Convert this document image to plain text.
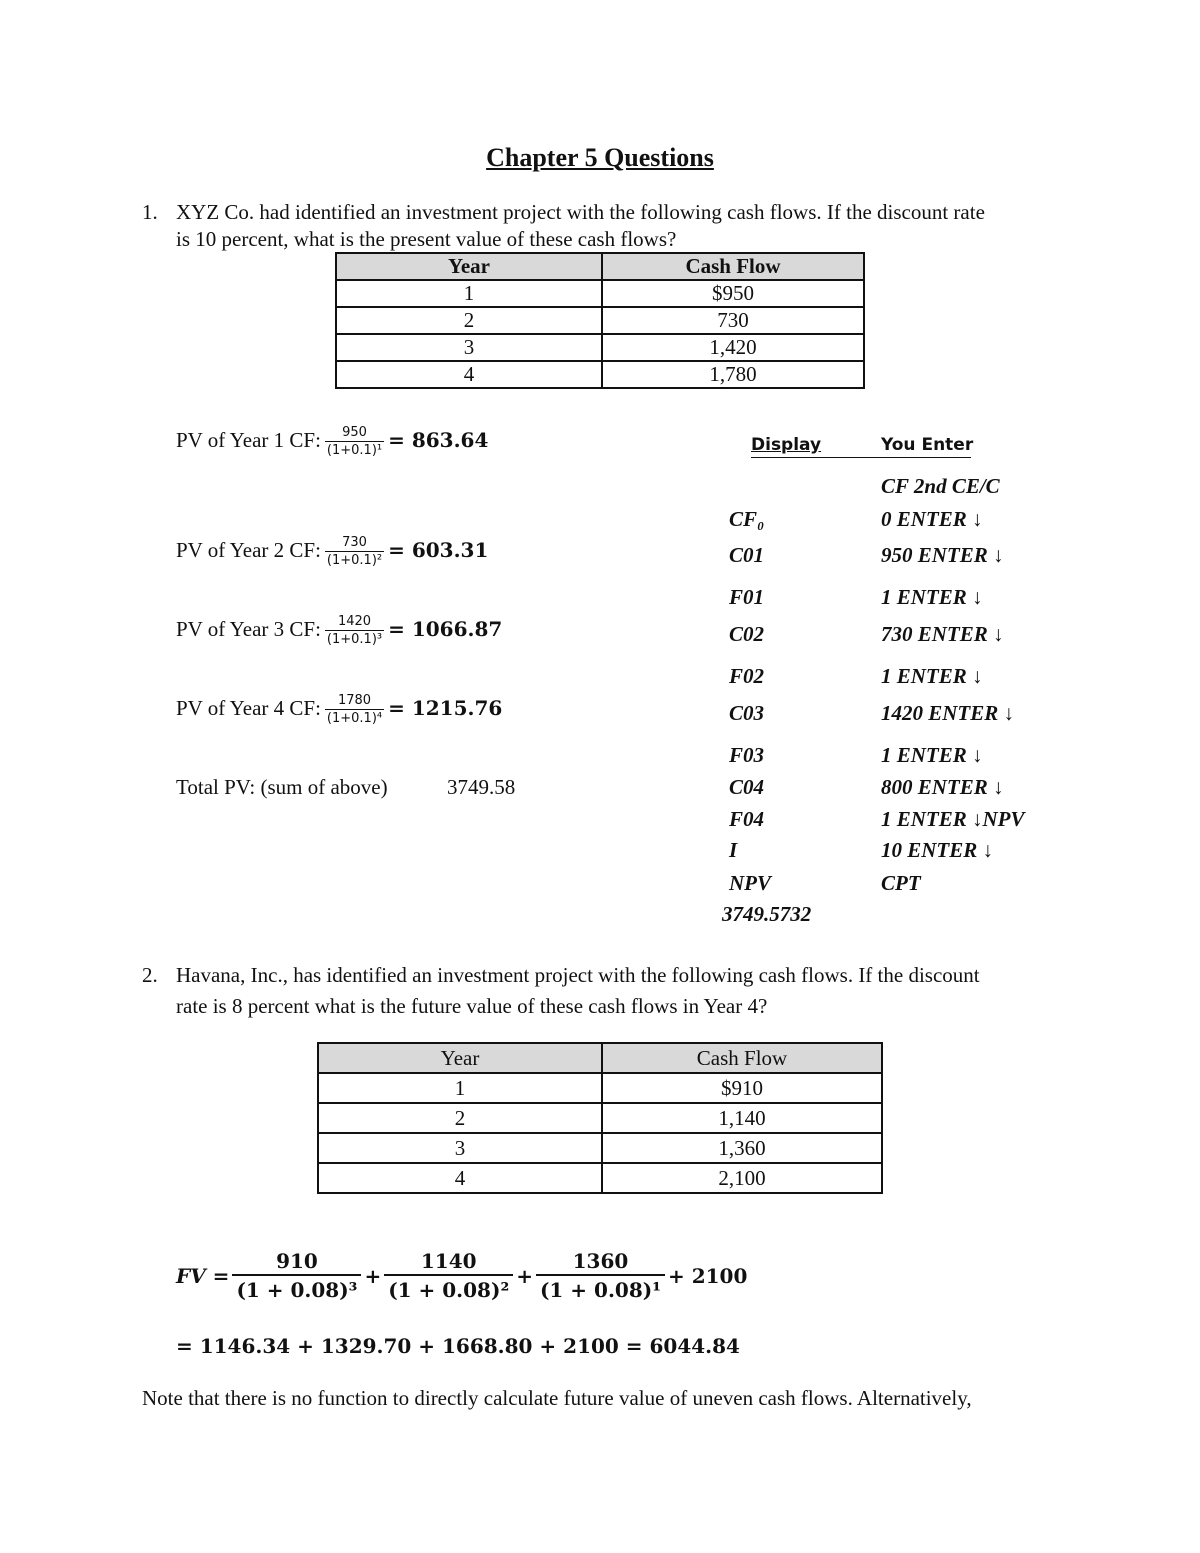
Chapter 5 Questions
1. XYZ Co. had identified an investment project with the following cash flows. If the discount rate
is 10 percent, what is the present value of these cash flows?
Year	Cash Flow
1	$950
2	730
3	1,420
4	1,780
PV of Year 1 CF: $\frac{950}{\text{(1+0.1)¹}} = 863.64$
PV of Year 2 CF: $\frac{730}{\text{(1+0.1)²}} = 603.31$
PV of Year 3 CF: $\frac{1420}{\text{(1+0.1)³}} = 1066.87$
PV of Year 4 CF: $\frac{1780}{\text{(1+0.1)⁴}} = 1215.76$
Total PV: (sum of above)	3749.58
Display	You Enter
CF 2nd CE/C
CF₀	0 ENTER ↓
C01	950 ENTER ↓
F01	1 ENTER ↓
C02	730 ENTER ↓
F02	1 ENTER ↓
C03	1420 ENTER ↓
F03	1 ENTER ↓
C04	800 ENTER ↓
F04	1 ENTER ↓NPV
I	10 ENTER ↓
NPV	CPT
3749.5732
2. Havana, Inc., has identified an investment project with the following cash flows. If the discount
rate is 8 percent what is the future value of these cash flows in Year 4?
Year	Cash Flow
1	$910
2	1,140
3	1,360
4	2,100
FV = $\frac{910}{\text{(1 + 0.08)³}} + \frac{1140}{\text{(1 + 0.08)²}} + \frac{1360}{\text{(1 + 0.08)¹}} + 2100$
= 1146.34 + 1329.70 + 1668.80 + 2100 = 6044.84
Note that there is no function to directly calculate future value of uneven cash flows. Alternatively,
